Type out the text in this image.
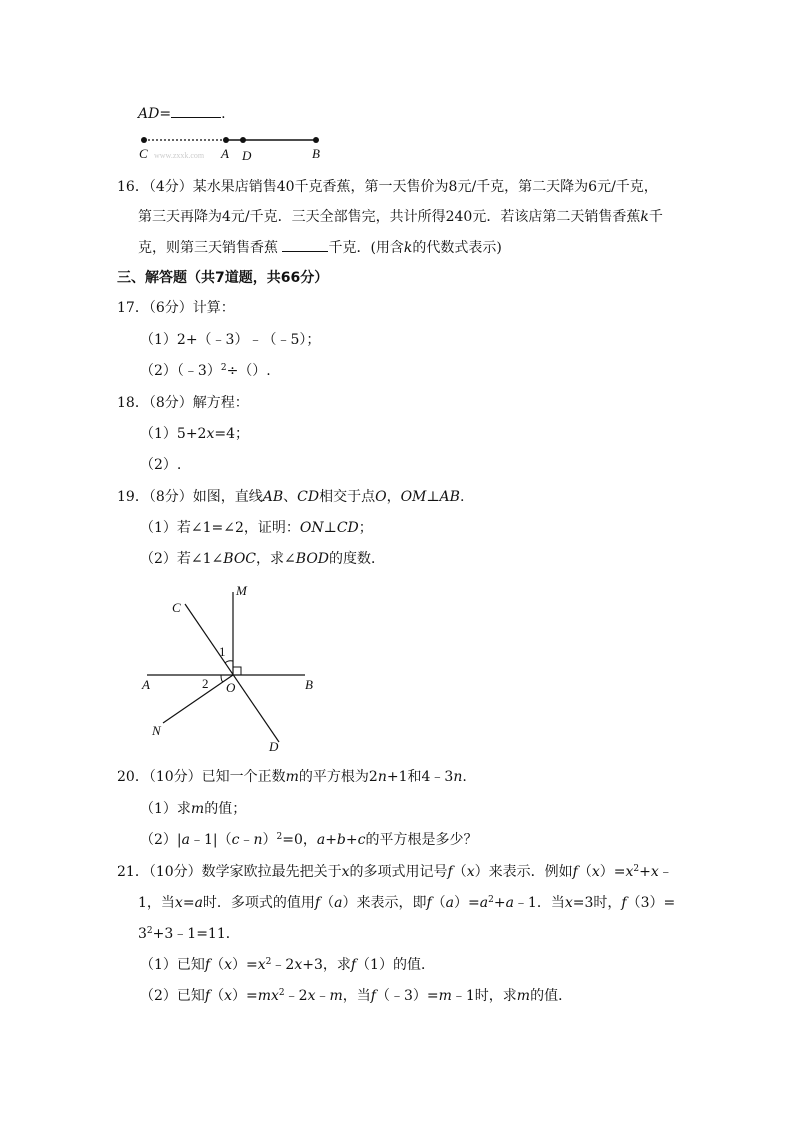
AD=	.
C	A D	B
www.zxxk.com
16．（4分）某水果店销售40千克香蕉，第一天售价为8元/千克，第二天降为6元/千克，
第三天再降为4元/千克．三天全部售完，共计所得240元．若该店第二天销售香蕉k千
克，则第三天销售香蕉	千克．(用含k的代数式表示)
三、解答题（共7道题，共66分）
17．（6分）计算：
（1）2+（﹣3）﹣（﹣5）；
（2）（﹣3）$^2$÷（）.
18．（8分）解方程：
（1）5+2x=4；
（2）.
19．（8分）如图，直线AB、CD相交于点O，OM⊥AB.
（1）若∠1=∠2，证明：ON⊥CD；
（2）若∠1∠BOC，求∠BOD的度数．
M
C
1
A	2 O	B
N
D
20．（10分）已知一个正数m的平方根为2n+1和4﹣3n.
（1）求m的值；
（2）|a﹣1|（c﹣n）$^2$=0，a+b+c的平方根是多少？
21．（10分）数学家欧拉最先把关于x的多项式用记号f（x）来表示．例如$f(x)=x^2+x﹣$
1，当x=a时．多项式的值用f（a）来表示，即$f(a)=a^2+a﹣1$．当x=3时，f（3）=
$3^2+3﹣1=11$．
（1）已知$f(x)=x^2﹣2x+3$，求f（1）的值．
（2）已知$f(x)=mx^2﹣2x﹣m$，当f（﹣3）=m﹣1时，求m的值．
